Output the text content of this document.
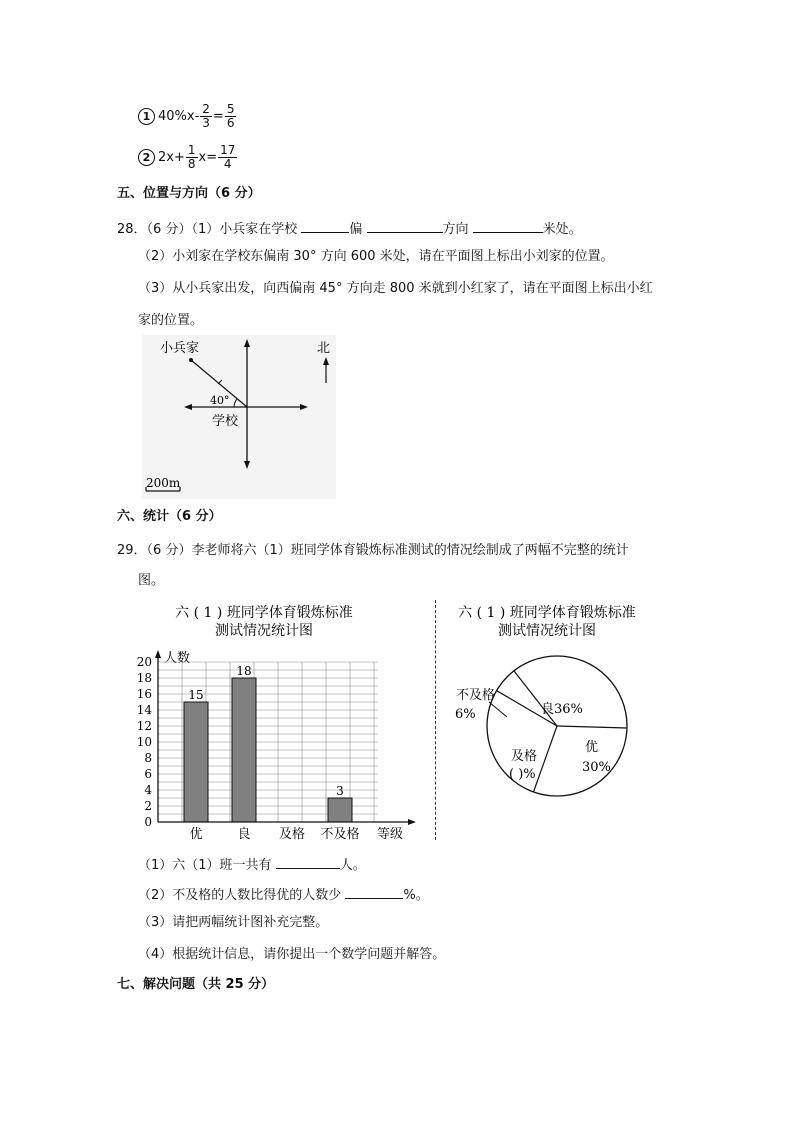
1 $40\%x- \frac{2}{3} = \frac{5}{6}$
2 $2x+ \frac{1}{8} x= \frac{17}{4}$
五、位置与方向（6 分）
28．（6 分）（1）小兵家在学校	偏	方向	米处。
（2）小刘家在学校东偏南 30° 方向 600 米处，请在平面图上标出小刘家的位置。
（3）从小兵家出发，向西偏南 45° 方向走 800 米就到小红家了，请在平面图上标出小红
家的位置。
小兵家
40°
学校
北
200m
六、统计（6 分）
29．（6 分）李老师将六（1）班同学体育锻炼标准测试的情况绘制成了两幅不完整的统计
图。
六 ( 1 ) 班同学体育锻炼标准
测试情况统计图
人数
等级
0
2
4
6
8
10
12
14
16
18
20
15
18
3
优	良 及格 不及格
六 ( 1 ) 班同学体育锻炼标准
测试情况统计图
良36%
优
30%
及格
( )%
不及格
6%
（1）六（1）班一共有	人。
（2）不及格的人数比得优的人数少	%。
（3）请把两幅统计图补充完整。
（4）根据统计信息，请你提出一个数学问题并解答。
七、解决问题（共 25 分）
